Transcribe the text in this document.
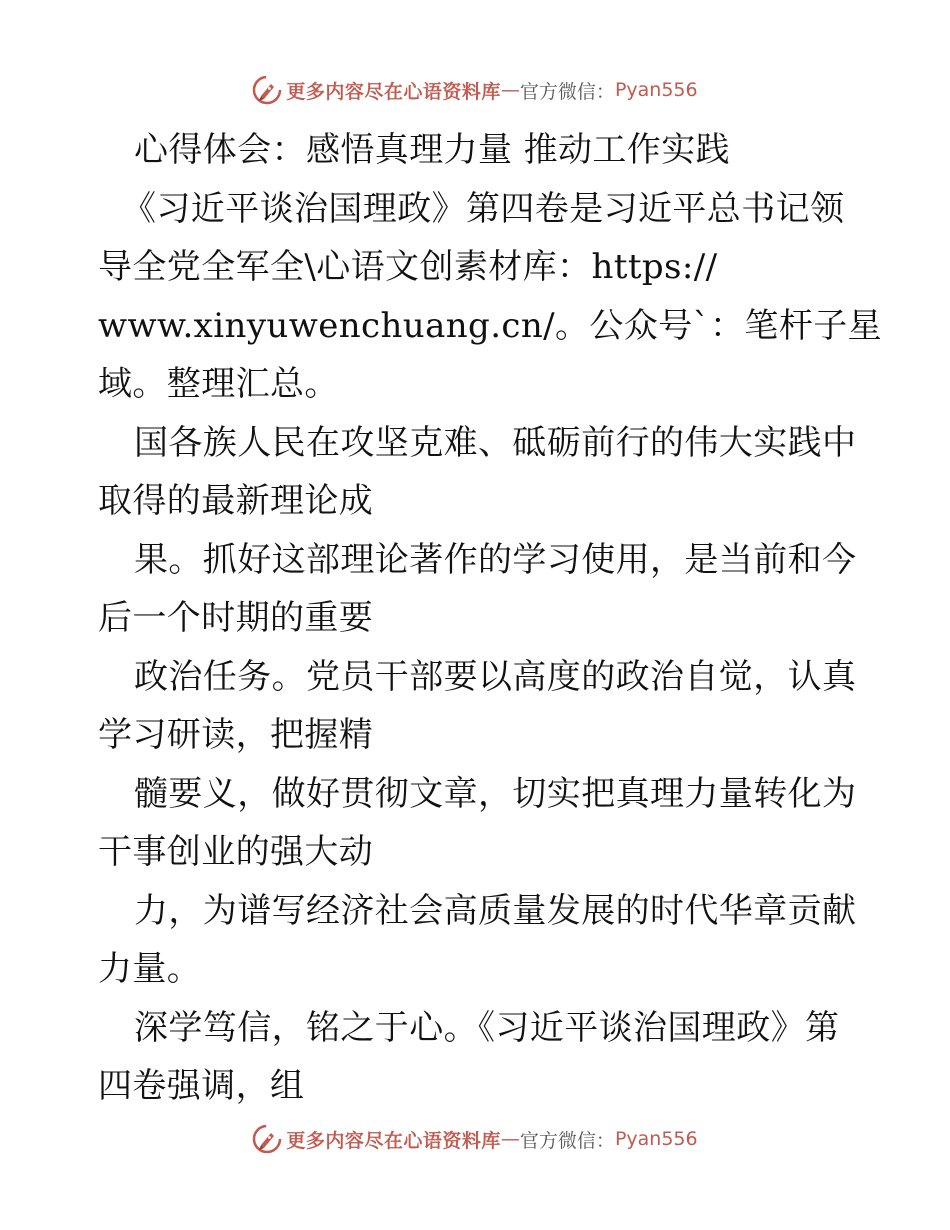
更多内容尽在心语资料库 — 官方微信： Pyan556
心得体会：感悟真理力量 推动工作实践
《习近平谈治国理政》第四卷是习近平总书记领
导全党全军全\心语文创素材库：https://
www.xinyuwenchuang.cn/。公众号`：笔杆子星
域。整理汇总。
国各族人民在攻坚克难、砥砺前行的伟大实践中
取得的最新理论成
果。抓好这部理论著作的学习使用，是当前和今
后一个时期的重要
政治任务。党员干部要以高度的政治自觉，认真
学习研读，把握精
髓要义，做好贯彻文章，切实把真理力量转化为
干事创业的强大动
力，为谱写经济社会高质量发展的时代华章贡献
力量。
深学笃信，铭之于心。《习近平谈治国理政》第
四卷强调，组
更多内容尽在心语资料库 — 官方微信： Pyan556
